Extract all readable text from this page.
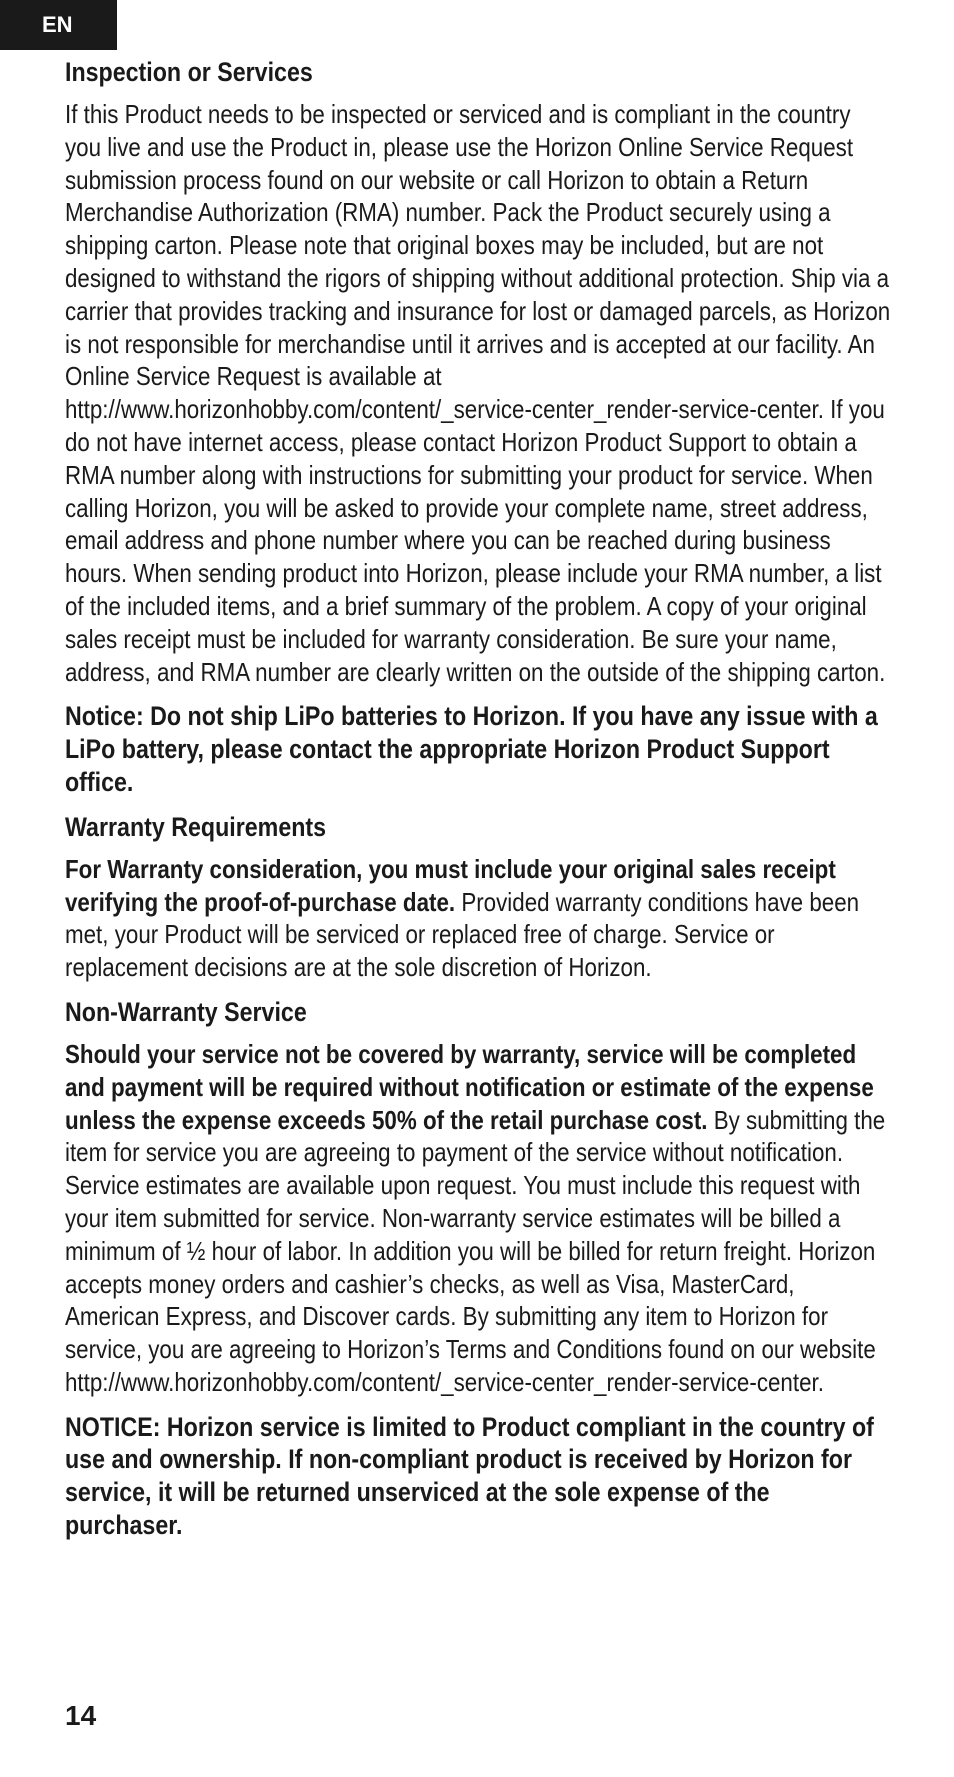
EN
Inspection or Services

If this Product needs to be inspected or serviced and is compliant in the country you live and use the Product in, please use the Horizon Online Service Request submission process found on our website or call Horizon to obtain a Return Merchandise Authorization (RMA) number. Pack the Product securely using a shipping carton. Please note that original boxes may be included, but are not designed to withstand the rigors of shipping without additional protection. Ship via a carrier that provides tracking and insurance for lost or damaged parcels, as Horizon is not responsible for merchandise until it arrives and is accepted at our facility. An Online Service Request is available at http://www.horizonhobby.com/content/_service-center_render-service-center. If you do not have internet access, please contact Horizon Product Support to obtain a RMA number along with instructions for submitting your product for service. When calling Horizon, you will be asked to provide your complete name, street address, email address and phone number where you can be reached during business hours. When sending product into Horizon, please include your RMA number, a list of the included items, and a brief summary of the problem. A copy of your original sales receipt must be included for warranty consideration. Be sure your name, address, and RMA number are clearly written on the outside of the shipping carton.

Notice: Do not ship LiPo batteries to Horizon. If you have any issue with a LiPo battery, please contact the appropriate Horizon Product Support office.

Warranty Requirements

For Warranty consideration, you must include your original sales receipt verifying the proof-of-purchase date. Provided warranty conditions have been met, your Product will be serviced or replaced free of charge. Service or replacement decisions are at the sole discretion of Horizon.

Non-Warranty Service

Should your service not be covered by warranty, service will be completed and payment will be required without notification or estimate of the expense unless the expense exceeds 50% of the retail purchase cost. By submitting the item for service you are agreeing to payment of the service without notification. Service estimates are available upon request. You must include this request with your item submitted for service. Non-warranty service estimates will be billed a minimum of ½ hour of labor. In addition you will be billed for return freight. Horizon accepts money orders and cashier’s checks, as well as Visa, MasterCard, American Express, and Discover cards. By submitting any item to Horizon for service, you are agreeing to Horizon’s Terms and Conditions found on our website http://www.horizonhobby.com/content/_service-center_render-service-center.

NOTICE: Horizon service is limited to Product compliant in the country of use and ownership. If non-compliant product is received by Horizon for service, it will be returned unserviced at the sole expense of the purchaser.

14
